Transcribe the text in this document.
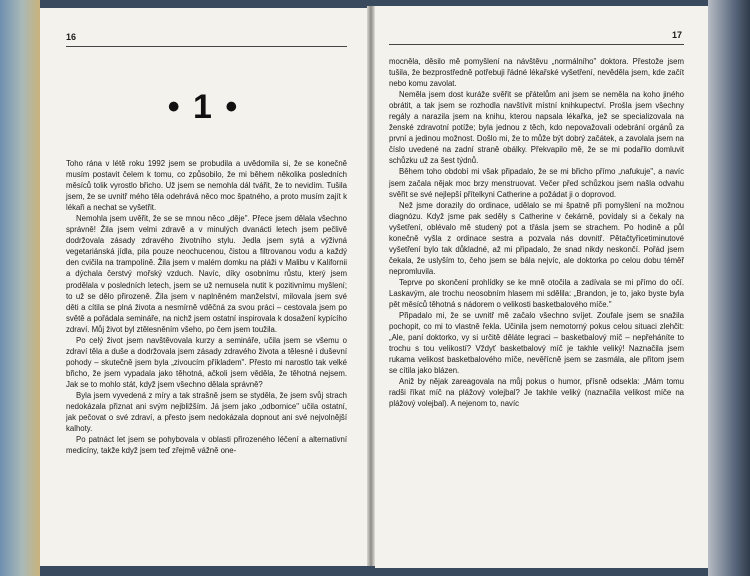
16
• 1 •

Toho rána v létě roku 1992 jsem se probudila a uvědomila si, že se konečně musím postavit čelem k tomu, co způsobilo, že mi během několika posledních měsíců tolik vyrostlo břicho. Už jsem se nemohla dál tvářit, že to nevidím. Tušila jsem, že se uvnitř mého těla odehrává něco moc špatného, a proto musím zajít k lékaři a nechat se vyšetřit.

Nemohla jsem uvěřit, že se se mnou něco „děje". Přece jsem dělala všechno správně! Žila jsem velmi zdravě a v minulých dvanácti letech jsem pečlivě dodržovala zásady zdravého životního stylu. Jedla jsem sytá a výživná vegetariánská jídla, pila pouze neochucenou, čistou a filtrovanou vodu a každý den cvičila na trampolíně. Žila jsem v malém domku na pláži v Malibu v Kalifornii a dýchala čerstvý mořský vzduch. Navíc, díky osobnímu růstu, který jsem prodělala v posledních letech, jsem se už nemusela nutit k pozitivnímu myšlení; to už se dělo přirozeně. Žila jsem v naplněném manželství, milovala jsem své děti a cítila se plná života a nesmírně vděčná za svou práci – cestovala jsem po světě a pořádala semináře, na nichž jsem ostatní inspirovala k dosažení kypícího zdraví. Můj život byl ztělesněním všeho, po čem jsem toužila.

Po celý život jsem navštěvovala kurzy a semináře, učila jsem se všemu o zdraví těla a duše a dodržovala jsem zásady zdravého života a tělesné i duševní pohody – skutečně jsem byla „zivoucím příkladem". Přesto mi narostlo tak velké břicho, že jsem vypadala jako těhotná, ačkoli jsem věděla, že těhotná nejsem. Jak se to mohlo stát, když jsem všechno dělala správně?

Byla jsem vyvedená z míry a tak strašně jsem se styděla, že jsem svůj strach nedokázala přiznat ani svým nejbližším. Já jsem jako „odbornice" učila ostatní, jak pečovat o své zdraví, a přesto jsem nedokázala dopnout ani své nejvolnější kalhoty.

Po patnáct let jsem se pohybovala v oblasti přirozeného léčení a alternativní medicíny, takže když jsem teď zřejmě vážně one-

17

mocněla, děsilo mě pomyšlení na návštěvu „normálního" doktora. Přestože jsem tušila, že bezprostředně potřebuji řádné lékařské vyšetření, nevěděla jsem, kde začít nebo komu zavolat.

Neměla jsem dost kuráže svěřit se přátelům ani jsem se neměla na koho jiného obrátit, a tak jsem se rozhodla navštívit místní knihkupectví. Prošla jsem všechny regály a narazila jsem na knihu, kterou napsala lékařka, jež se specializovala na ženské zdravotní potíže; byla jednou z těch, kdo nepovažovali odebrání orgánů za první a jedinou možnost. Došlo mi, že to může být dobrý začátek, a zavolala jsem na číslo uvedené na zadní straně obálky. Překvapilo mě, že se mi podařilo domluvit schůzku už za šest týdnů.

Během toho období mi však připadalo, že se mi břicho přímo „nafukuje", a navíc jsem začala nějak moc brzy menstruovat. Večer před schůzkou jsem našla odvahu svěřit se své nejlepší přítelkyni Catherine a požádat ji o doprovod.

Než jsme dorazily do ordinace, udělalo se mi špatně při pomyšlení na možnou diagnózu. Když jsme pak seděly s Catherine v čekárně, povídaly si a čekaly na vyšetření, oblévalo mě studený pot a třásla jsem se strachem. Po hodině a půl konečně vyšla z ordinace sestra a pozvala nás dovnitř. Pětačtyřicetiminutové vyšetření bylo tak důkladné, až mi připadalo, že snad nikdy neskončí. Pořád jsem čekala, že uslyším to, čeho jsem se bála nejvíc, ale doktorka po celou dobu téměř nepromluvila.

Teprve po skončení prohlídky se ke mně otočila a zadívala se mi přímo do očí. Laskavým, ale trochu neosobním hlasem mi sdělila: „Brandon, je to, jako byste byla pět měsíců těhotná s nádorem o velikosti basketbalového míče."

Připadalo mi, že se uvnitř mě začalo všechno svíjet. Zoufale jsem se snažila pochopit, co mi to vlastně řekla. Učinila jsem nemotorný pokus celou situaci zlehčit: „Ale, paní doktorko, vy si určitě děláte legraci – basketbalový míč – nepřeháníte to trochu s tou velikostí? Vždyť basketbalový míč je takhle veliký! Naznačila jsem rukama velikost basketbalového míče, nevěřícně jsem se zasmála, ale přitom jsem se cítila jako blázen.

Aniž by nějak zareagovala na můj pokus o humor, přísně odsekla: „Mám tomu radši říkat míč na plážový volejbal? Je takhle veliký (naznačila velikost míče na plážový volejbal). A nejenom to, navíc
